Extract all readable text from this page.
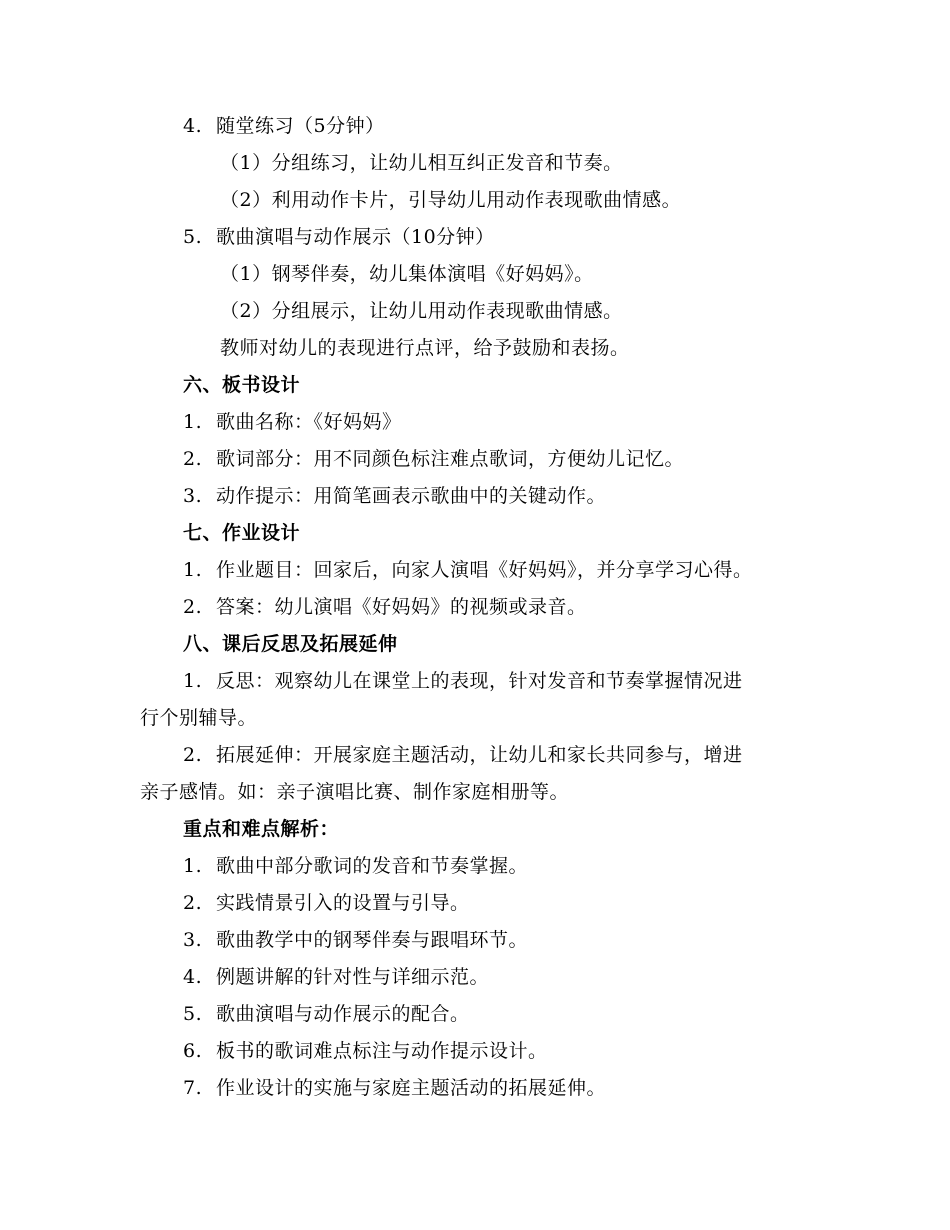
4. 随堂练习（5分钟）
（1）分组练习，让幼儿相互纠正发音和节奏。
（2）利用动作卡片，引导幼儿用动作表现歌曲情感。
5. 歌曲演唱与动作展示（10分钟）
（1）钢琴伴奏，幼儿集体演唱《好妈妈》。
（2）分组展示，让幼儿用动作表现歌曲情感。
教师对幼儿的表现进行点评，给予鼓励和表扬。
六、板书设计
1. 歌曲名称：《好妈妈》
2. 歌词部分：用不同颜色标注难点歌词，方便幼儿记忆。
3. 动作提示：用简笔画表示歌曲中的关键动作。
七、作业设计
1. 作业题目：回家后，向家人演唱《好妈妈》，并分享学习心得。
2. 答案：幼儿演唱《好妈妈》的视频或录音。
八、课后反思及拓展延伸
1. 反思：观察幼儿在课堂上的表现，针对发音和节奏掌握情况进
行个别辅导。
2. 拓展延伸：开展家庭主题活动，让幼儿和家长共同参与，增进
亲子感情。如：亲子演唱比赛、制作家庭相册等。
重点和难点解析：
1. 歌曲中部分歌词的发音和节奏掌握。
2. 实践情景引入的设置与引导。
3. 歌曲教学中的钢琴伴奏与跟唱环节。
4. 例题讲解的针对性与详细示范。
5. 歌曲演唱与动作展示的配合。
6. 板书的歌词难点标注与动作提示设计。
7. 作业设计的实施与家庭主题活动的拓展延伸。
